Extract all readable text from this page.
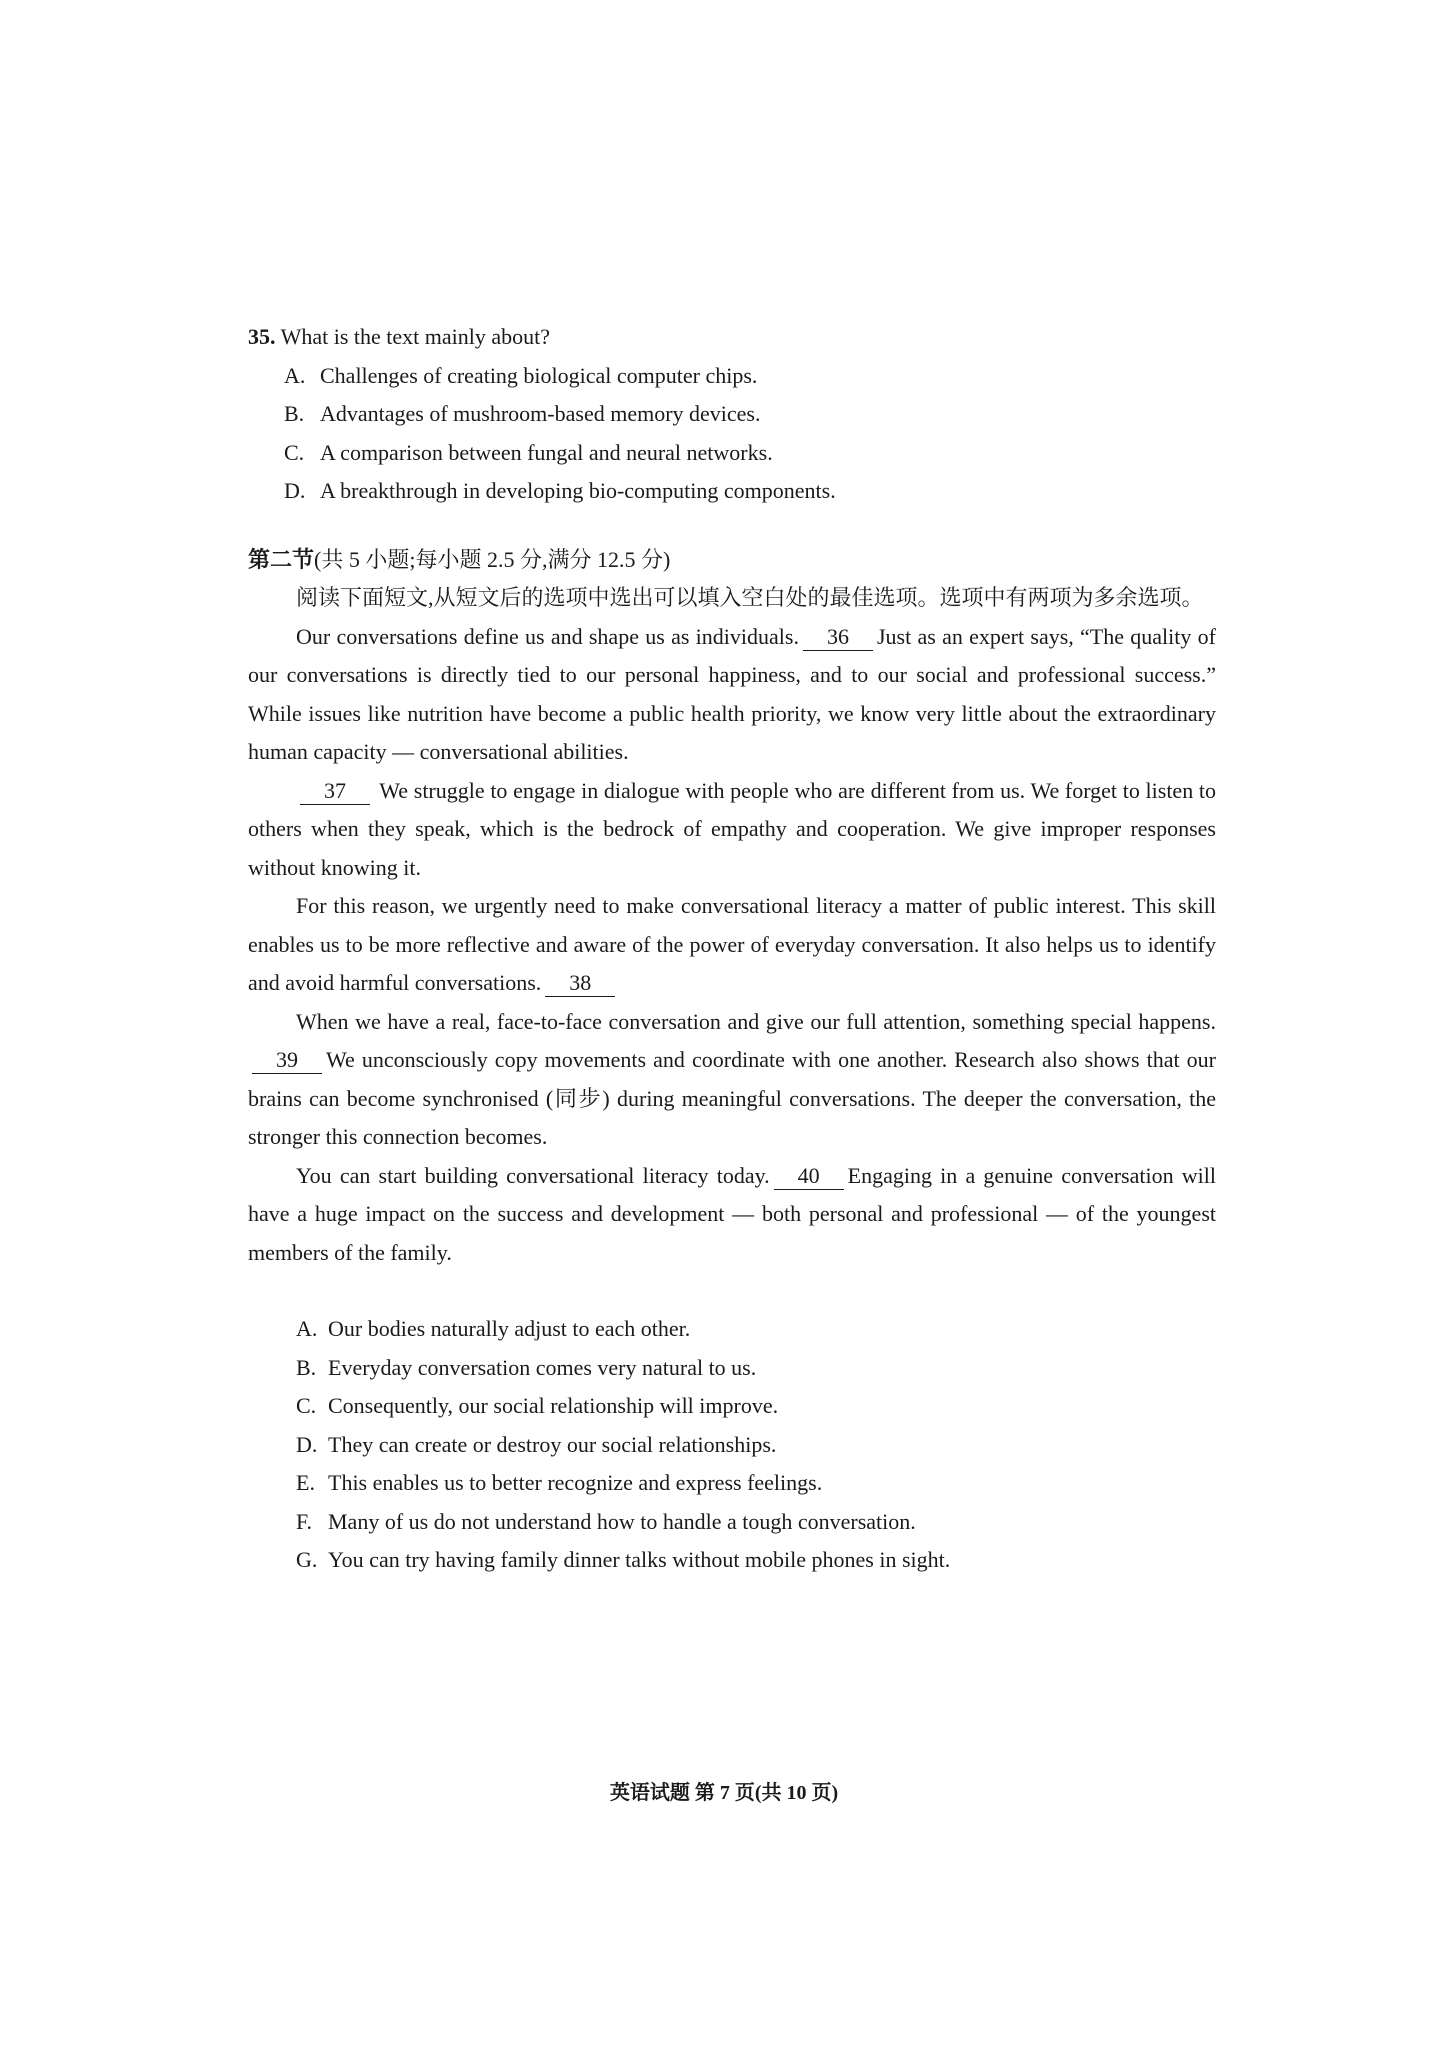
35. What is the text mainly about?

A. Challenges of creating biological computer chips.

B. Advantages of mushroom-based memory devices.

C. A comparison between fungal and neural networks.

D. A breakthrough in developing bio-computing components.

第二节(共 5 小题;每小题 2.5 分,满分 12.5 分)

阅读下面短文,从短文后的选项中选出可以填入空白处的最佳选项。选项中有两项为多余选项。

Our conversations define us and shape us as individuals. 36 Just as an expert says, “The quality of our conversations is directly tied to our personal happiness, and to our social and professional success.” While issues like nutrition have become a public health priority, we know very little about the extraordinary human capacity — conversational abilities.

37 We struggle to engage in dialogue with people who are different from us. We forget to listen to others when they speak, which is the bedrock of empathy and cooperation. We give improper responses without knowing it.

For this reason, we urgently need to make conversational literacy a matter of public interest. This skill enables us to be more reflective and aware of the power of everyday conversation. It also helps us to identify and avoid harmful conversations. 38

When we have a real, face-to-face conversation and give our full attention, something special happens.39 We unconsciously copy movements and coordinate with one another. Research also shows that our brains can become synchronised (同步) during meaningful conversations. The deeper the conversation, the stronger this connection becomes.

You can start building conversational literacy today. 40 Engaging in a genuine conversation will have a huge impact on the success and development — both personal and professional — of the youngest members of the family.

A. Our bodies naturally adjust to each other.

B. Everyday conversation comes very natural to us.

C. Consequently, our social relationship will improve.

D. They can create or destroy our social relationships.

E. This enables us to better recognize and express feelings.

F. Many of us do not understand how to handle a tough conversation.

G. You can try having family dinner talks without mobile phones in sight.

英语试题 第 7 页(共 10 页)
